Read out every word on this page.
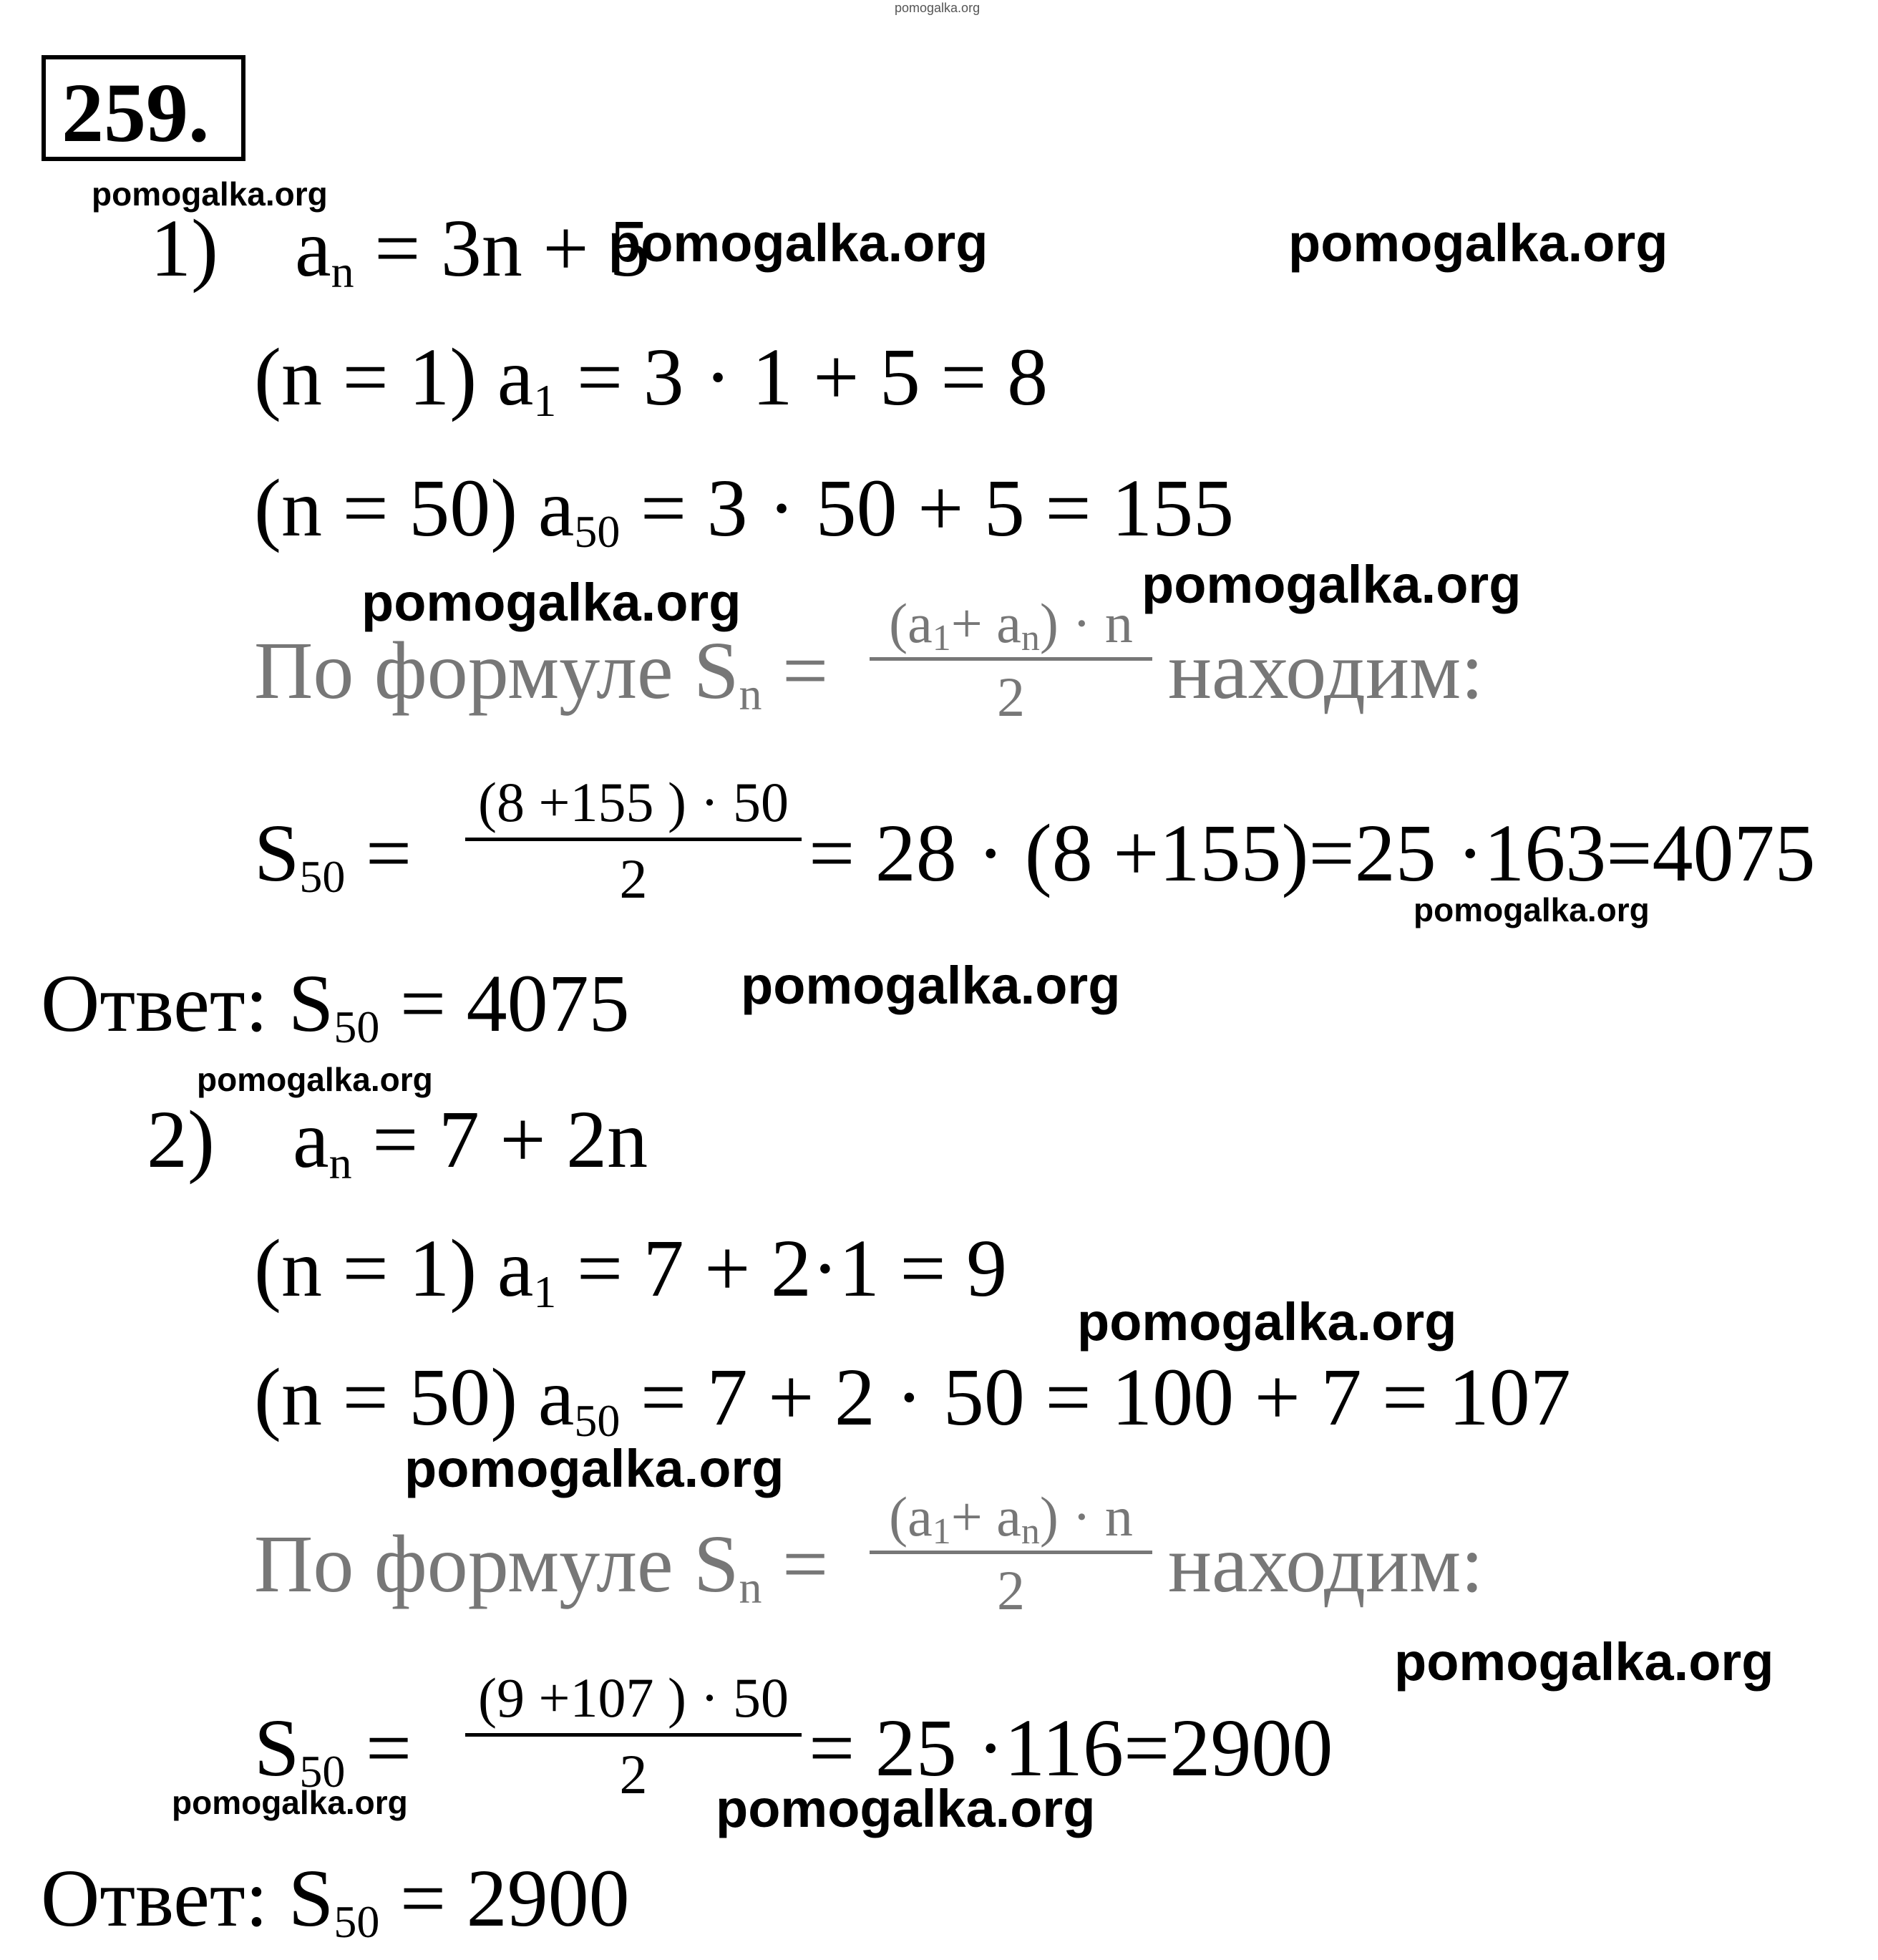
pomogalka.org
259.
pomogalka.org
1) an = 3n + 5
pomogalka.org	pomogalka.org
(n = 1) a1 = 3 · 1 + 5 = 8
(n = 50) a50 = 3 · 50 + 5 = 155
pomogalka.org	pomogalka.org
По формуле Sn =
(a1+ an) · n
2 находим:
S50 =
(8 +155 ) · 50
2 = 28 · (8 +155)=25 ·163=4075
pomogalka.org
Ответ: S50 = 4075 pomogalka.org
pomogalka.org
2) an = 7 + 2n
(n = 1) a1 = 7 + 2·1 = 9
pomogalka.org
(n = 50) a50 = 7 + 2 · 50 = 100 + 7 = 107
pomogalka.org
По формуле Sn =
(a1+ an) · n
2 находим:
pomogalka.org
S50 =
(9 +107 ) · 50
2 = 25 ·116=2900
pomogalka.org	pomogalka.org
Ответ: S50 = 2900
